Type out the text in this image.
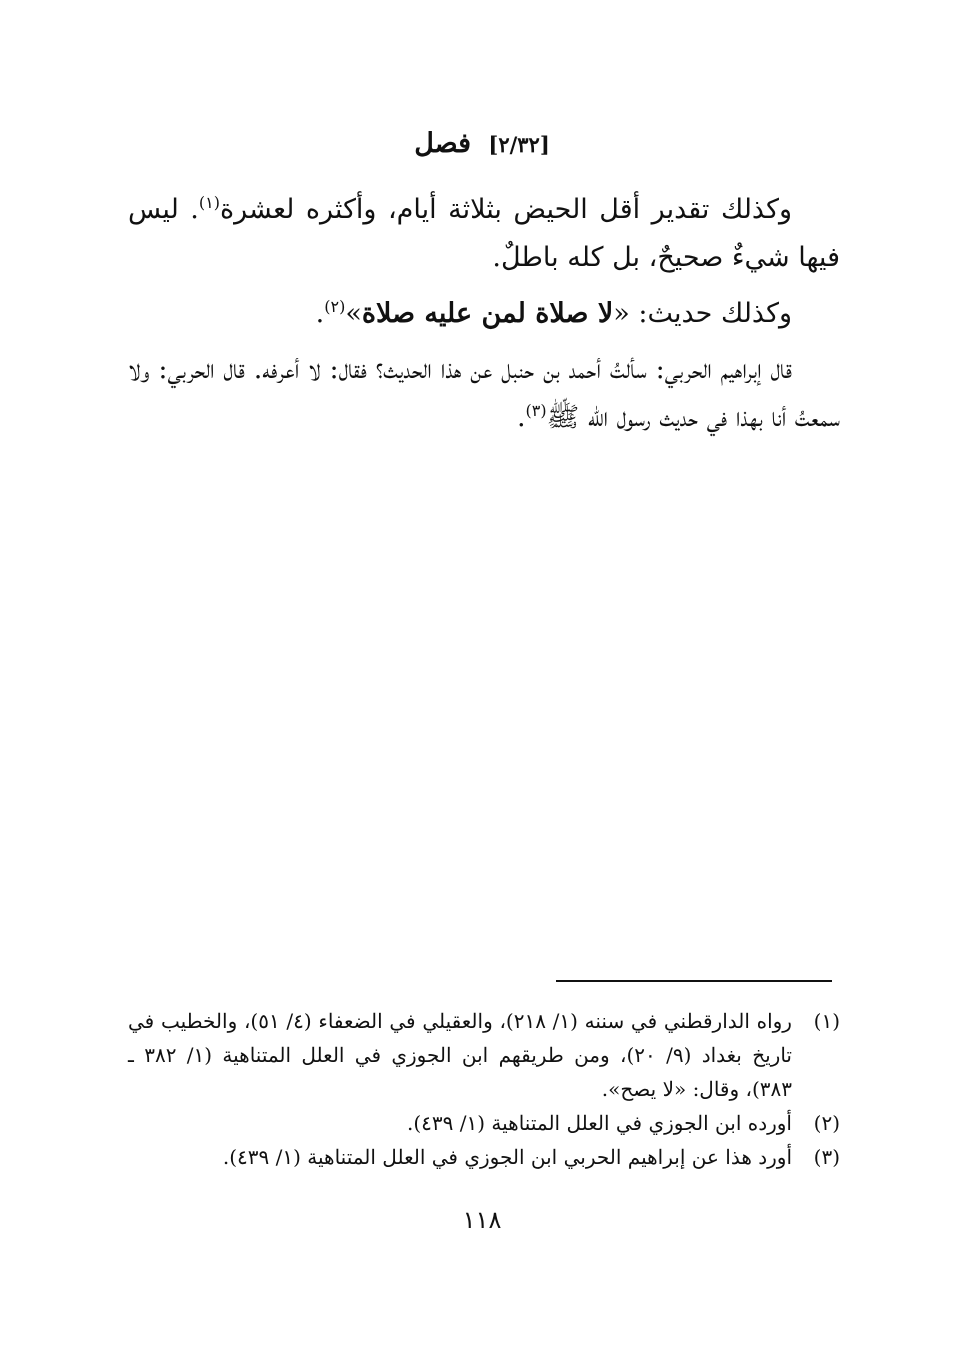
[٢/٣٢] فصل
وكذلك تقدير أقل الحيض بثلاثة أيام، وأكثره لعشرة$^{(١)}$. ليس فيها شيءٌ صحيحٌ، بل كله باطلٌ.
وكذلك حديث: «لا صلاة لمن عليه صلاة»$^{(٢)}$.
قال إبراهيم الحربي: سألتُ أحمد بن حنبل عن هذا الحديث؟ فقال: لا أعرفه. قال الحربي: ولا سمعتُ أنا بهذا في حديث رسول الله ﷺ$^{(٣)}$.
(١)
رواه الدارقطني في سننه (١/ ٢١٨)، والعقيلي في الضعفاء (٤/ ٥١)، والخطيب في تاريخ بغداد (٩/ ٢٠)، ومن طريقهم ابن الجوزي في العلل المتناهية (١/ ٣٨٢ ـ ٣٨٣)، وقال: «لا يصح».
(٢)
أورده ابن الجوزي في العلل المتناهية (١/ ٤٣٩).
(٣)
أورد هذا عن إبراهيم الحربي ابن الجوزي في العلل المتناهية (١/ ٤٣٩).
١١٨
